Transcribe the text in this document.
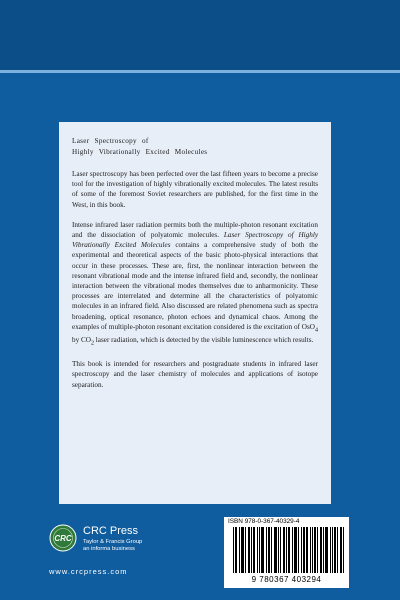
Laser Spectroscopy of
Highly Vibrationally Excited Molecules

Laser spectroscopy has been perfected over the last fifteen years to become a precise tool for the investigation of highly vibrationally excited molecules. The latest results of some of the foremost Soviet researchers are published, for the first time in the West, in this book.

Intense infrared laser radiation permits both the multiple-photon resonant excitation and the dissociation of polyatomic molecules. Laser Spectroscopy of Highly Vibrationally Excited Molecules contains a comprehensive study of both the experimental and theoretical aspects of the basic photo-physical interactions that occur in these processes. These are, first, the nonlinear interaction between the resonant vibrational mode and the intense infrared field and, secondly, the nonlinear interaction between the vibrational modes themselves due to anharmonicity. These processes are interrelated and determine all the characteristics of polyatomic molecules in an infrared field. Also discussed are related phenomena such as spectra broadening, optical resonance, photon echoes and dynamical chaos. Among the examples of multiple-photon resonant excitation considered is the excitation of OsO$_4$ by $CO_2$ laser radiation, which is detected by the visible luminescence which results.

This book is intended for researchers and postgraduate students in infrared laser spectroscopy and the laser chemistry of molecules and applications of isotope separation.

CRC
CRC Press
Taylor & Francis Group
an informa business
www.crcpress.com
ISBN 978-0-367-40329-4
9 780367 403294
